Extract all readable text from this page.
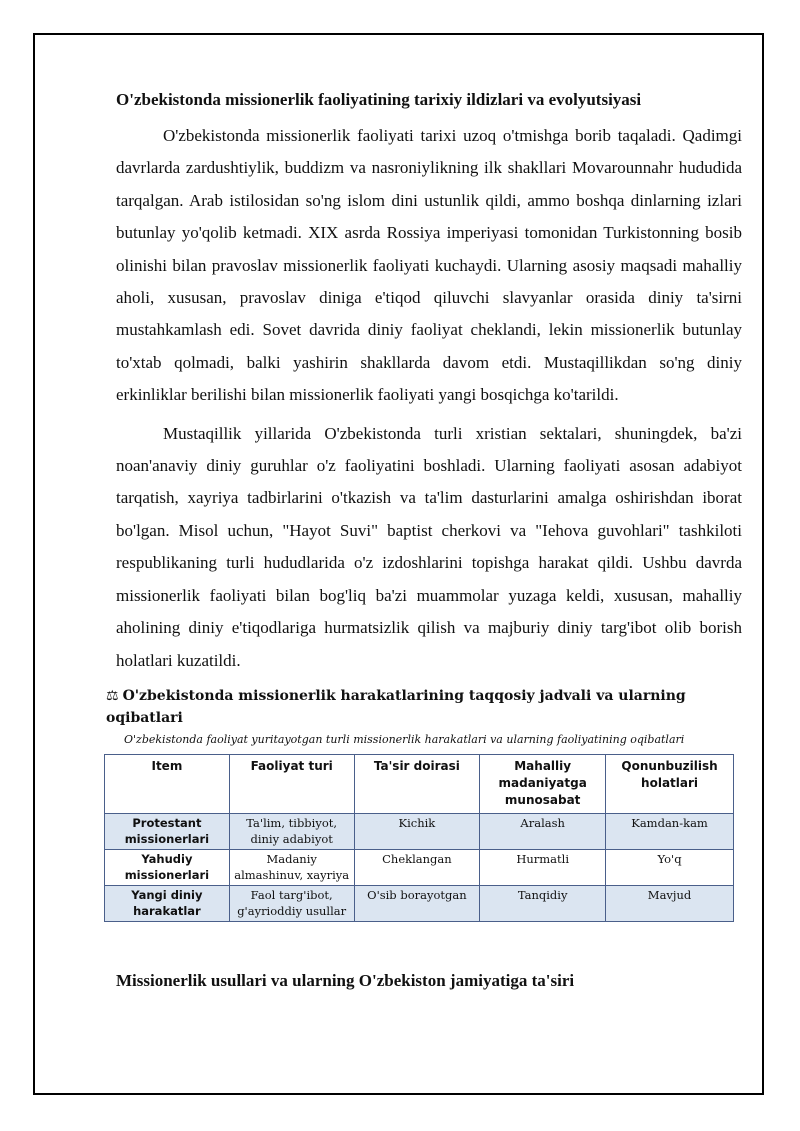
O'zbekistonda missionerlik faoliyatining tarixiy ildizlari va evolyutsiyasi

O'zbekistonda missionerlik faoliyati tarixi uzoq o'tmishga borib taqaladi. Qadimgi davrlarda zardushtiylik, buddizm va nasroniylikning ilk shakllari Movarounnahr hududida tarqalgan. Arab istilosidan so'ng islom dini ustunlik qildi, ammo boshqa dinlarning izlari butunlay yo'qolib ketmadi. XIX asrda Rossiya imperiyasi tomonidan Turkistonning bosib olinishi bilan pravoslav missionerlik faoliyati kuchaydi. Ularning asosiy maqsadi mahalliy aholi, xususan, pravoslav diniga e'tiqod qiluvchi slavyanlar orasida diniy ta'sirni mustahkamlash edi. Sovet davrida diniy faoliyat cheklandi, lekin missionerlik butunlay to'xtab qolmadi, balki yashirin shakllarda davom etdi. Mustaqillikdan so'ng diniy erkinliklar berilishi bilan missionerlik faoliyati yangi bosqichga ko'tarildi.

Mustaqillik yillarida O'zbekistonda turli xristian sektalari, shuningdek, ba'zi noan'anaviy diniy guruhlar o'z faoliyatini boshladi. Ularning faoliyati asosan adabiyot tarqatish, xayriya tadbirlarini o'tkazish va ta'lim dasturlarini amalga oshirishdan iborat bo'lgan. Misol uchun, "Hayot Suvi" baptist cherkovi va "Iehova guvohlari" tashkiloti respublikaning turli hududlarida o'z izdoshlarini topishga harakat qildi. Ushbu davrda missionerlik faoliyati bilan bog'liq ba'zi muammolar yuzaga keldi, xususan, mahalliy aholining diniy e'tiqodlariga hurmatsizlik qilish va majburiy diniy targ'ibot olib borish holatlari kuzatildi.

⚖ O'zbekistonda missionerlik harakatlarining taqqosiy jadvali va ularning oqibatlari
O'zbekistonda faoliyat yuritayotgan turli missionerlik harakatlari va ularning faoliyatining oqibatlari
Item	Faoliyat turi	Ta'sir doirasi	Mahalliy madaniyatga munosabat	Qonunbuzilish holatlari
Protestant missionerlari	Ta'lim, tibbiyot, diniy adabiyot	Kichik	Aralash	Kamdan-kam
Yahudiy missionerlari	Madaniy almashinuv, xayriya	Cheklangan	Hurmatli	Yo'q
Yangi diniy harakatlar	Faol targ'ibot, g'ayrioddiy usullar	O'sib borayotgan	Tanqidiy	Mavjud
Missionerlik usullari va ularning O'zbekiston jamiyatiga ta'siri
